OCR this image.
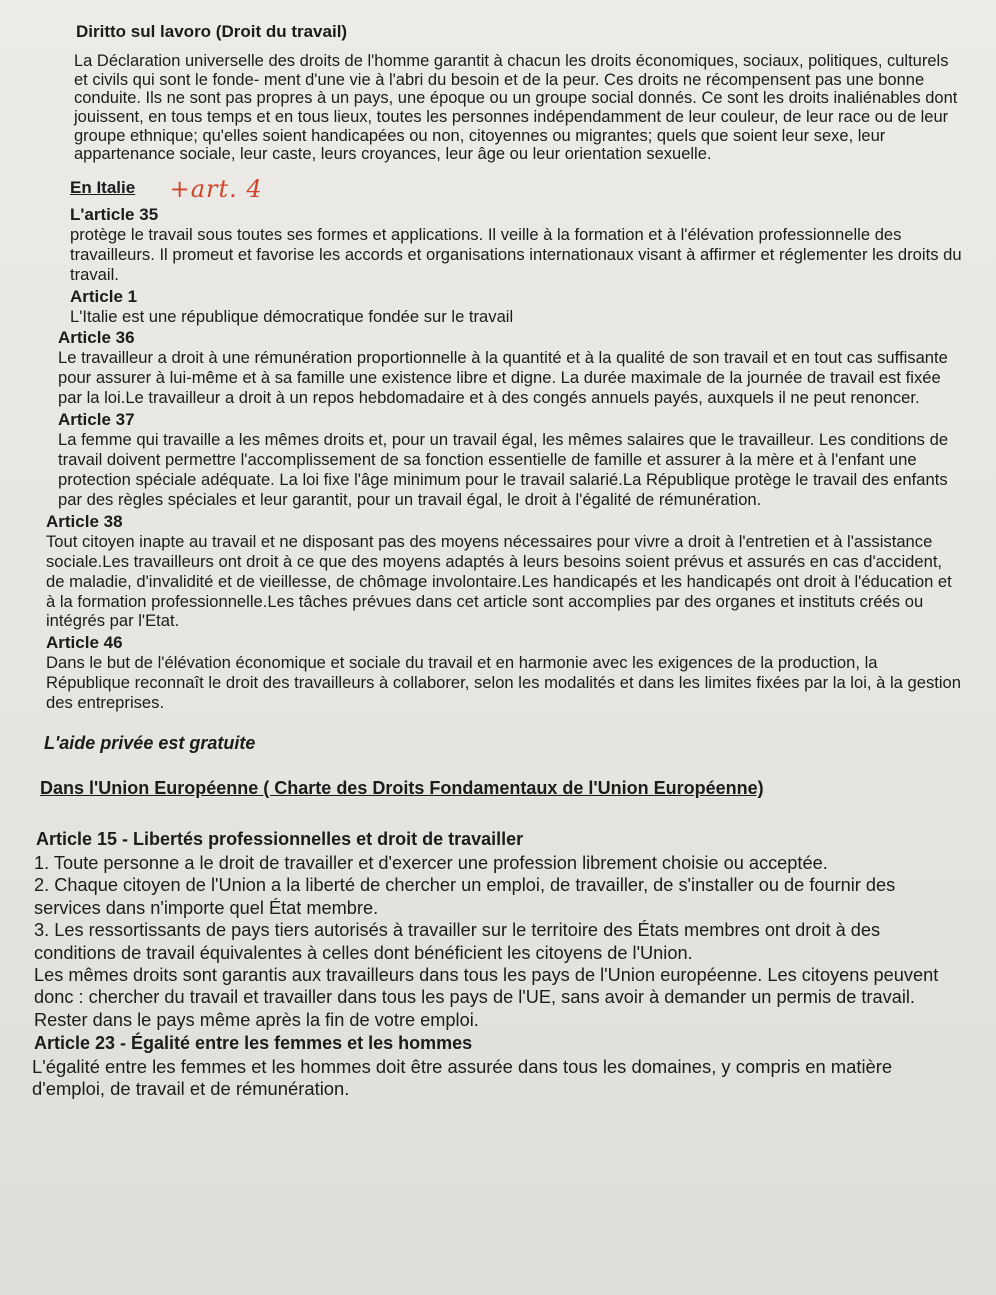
Diritto sul lavoro (Droit du travail)

La Déclaration universelle des droits de l'homme garantit à chacun les droits économiques, sociaux, politiques, culturels et civils qui sont le fonde- ment d'une vie à l'abri du besoin et de la peur. Ces droits ne récompensent pas une bonne conduite. Ils ne sont pas propres à un pays, une époque ou un groupe social donnés. Ce sont les droits inaliénables dont jouissent, en tous temps et en tous lieux, toutes les personnes indépendamment de leur couleur, de leur race ou de leur groupe ethnique; qu'elles soient handicapées ou non, citoyennes ou migrantes; quels que soient leur sexe, leur appartenance sociale, leur caste, leurs croyances, leur âge ou leur orientation sexuelle.

En Italie +art. 4
L'article 35

protège le travail sous toutes ses formes et applications. Il veille à la formation et à l'élévation professionnelle des travailleurs. Il promeut et favorise les accords et organisations internationaux visant à affirmer et réglementer les droits du travail.

Article 1

L'Italie est une république démocratique fondée sur le travail

Article 36

Le travailleur a droit à une rémunération proportionnelle à la quantité et à la qualité de son travail et en tout cas suffisante pour assurer à lui-même et à sa famille une existence libre et digne. La durée maximale de la journée de travail est fixée par la loi.Le travailleur a droit à un repos hebdomadaire et à des congés annuels payés, auxquels il ne peut renoncer.

Article 37

La femme qui travaille a les mêmes droits et, pour un travail égal, les mêmes salaires que le travailleur. Les conditions de travail doivent permettre l'accomplissement de sa fonction essentielle de famille et assurer à la mère et à l'enfant une protection spéciale adéquate. La loi fixe l'âge minimum pour le travail salarié.La République protège le travail des enfants par des règles spéciales et leur garantit, pour un travail égal, le droit à l'égalité de rémunération.

Article 38

Tout citoyen inapte au travail et ne disposant pas des moyens nécessaires pour vivre a droit à l'entretien et à l'assistance sociale.Les travailleurs ont droit à ce que des moyens adaptés à leurs besoins soient prévus et assurés en cas d'accident, de maladie, d'invalidité et de vieillesse, de chômage involontaire.Les handicapés et les handicapés ont droit à l'éducation et à la formation professionnelle.Les tâches prévues dans cet article sont accomplies par des organes et instituts créés ou intégrés par l'Etat.

Article 46

Dans le but de l'élévation économique et sociale du travail et en harmonie avec les exigences de la production, la République reconnaît le droit des travailleurs à collaborer, selon les modalités et dans les limites fixées par la loi, à la gestion des entreprises.

L'aide privée est gratuite
Dans l'Union Européenne ( Charte des Droits Fondamentaux de l'Union Européenne)
Article 15 - Libertés professionnelles et droit de travailler

1. Toute personne a le droit de travailler et d'exercer une profession librement choisie ou acceptée.

2. Chaque citoyen de l'Union a la liberté de chercher un emploi, de travailler, de s'installer ou de fournir des services dans n'importe quel État membre.

3. Les ressortissants de pays tiers autorisés à travailler sur le territoire des États membres ont droit à des conditions de travail équivalentes à celles dont bénéficient les citoyens de l'Union.

Les mêmes droits sont garantis aux travailleurs dans tous les pays de l'Union européenne. Les citoyens peuvent donc : chercher du travail et travailler dans tous les pays de l'UE, sans avoir à demander un permis de travail. Rester dans le pays même après la fin de votre emploi.

Article 23 - Égalité entre les femmes et les hommes

L'égalité entre les femmes et les hommes doit être assurée dans tous les domaines, y compris en matière d'emploi, de travail et de rémunération.
